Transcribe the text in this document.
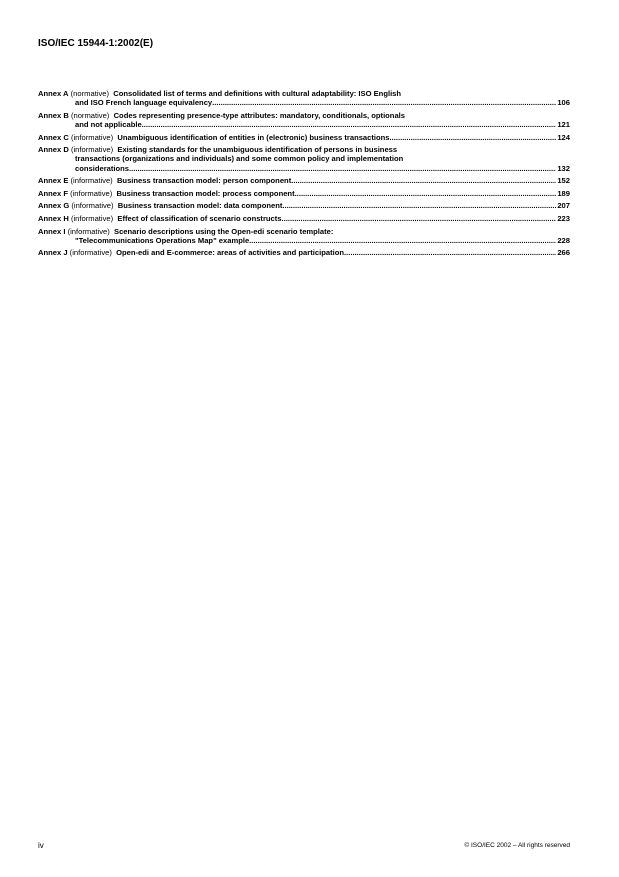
ISO/IEC 15944-1:2002(E)
Annex A (normative) Consolidated list of terms and definitions with cultural adaptability: ISO English
and ISO French language equivalency .....	106
Annex B (normative) Codes representing presence-type attributes: mandatory, conditionals, optionals
and not applicable .....	121
Annex C
(informative)
Unambiguous identification of entities in (electronic) business transactions .....	124
Annex D (informative) Existing standards for the unambiguous identification of persons in business
transactions (organizations and individuals) and some common policy and implementation
considerations .....	132
Annex E
(informative)
Business transaction model: person component .....	152
Annex F
(informative)
Business transaction model: process component .....	189
Annex G
(informative)
Business transaction model: data component .....	207
Annex H
(informative)
Effect of classification of scenario constructs .....	223
Annex I (informative) Scenario descriptions using the Open-edi scenario template:
"Telecommunications Operations Map" example .....	228
Annex J
(informative)
Open-edi and E-commerce: areas of activities and participation .....	266
iv	© ISO/IEC 2002 – All rights reserved
